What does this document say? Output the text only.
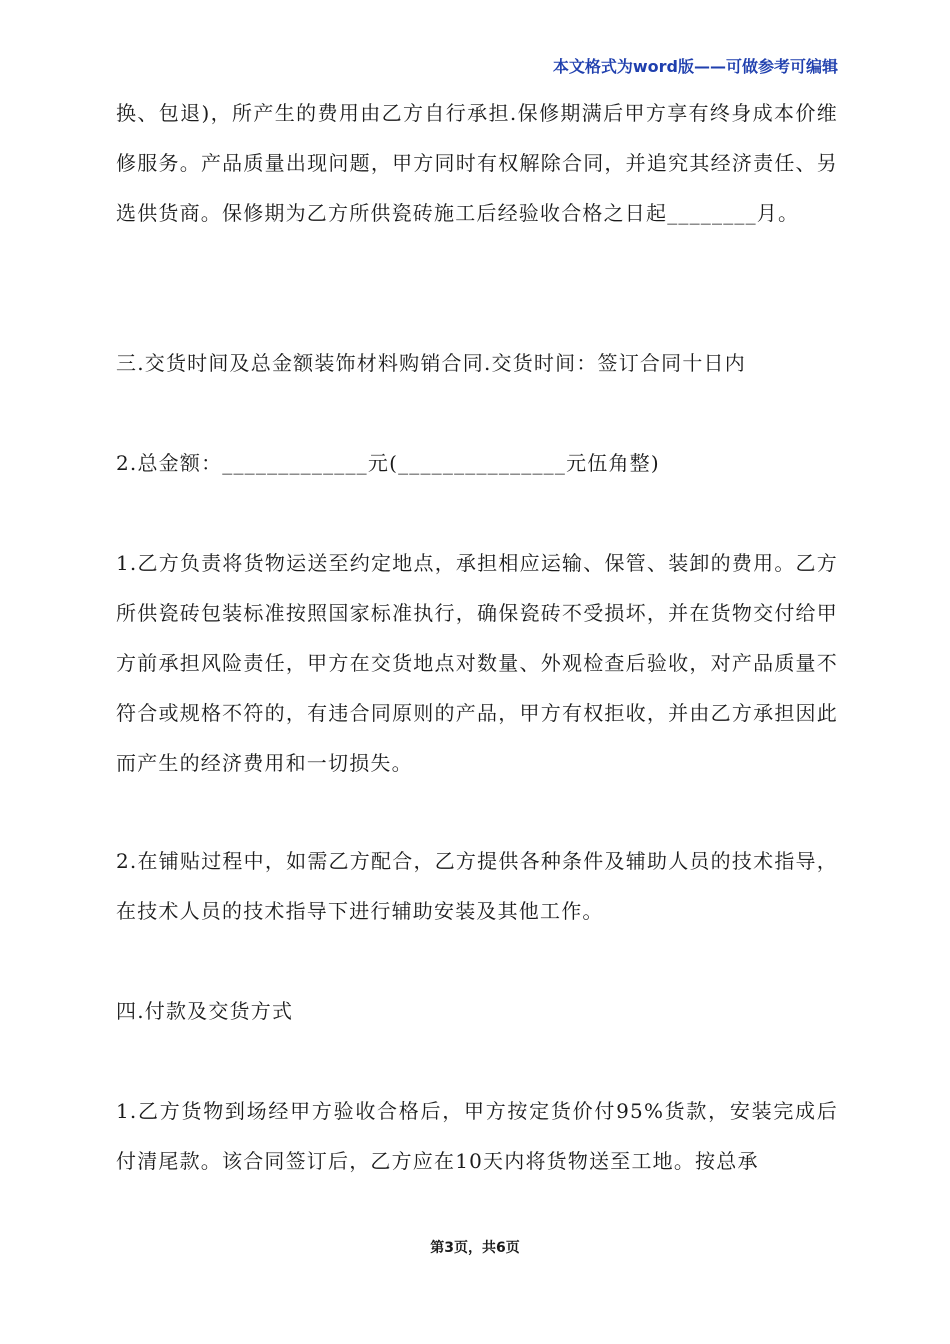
本文格式为word版——可做参考可编辑

换、包退)，所产生的费用由乙方自行承担.保修期满后甲方享有终身成本价维修服务。产品质量出现问题，甲方同时有权解除合同，并追究其经济责任、另选供货商。保修期为乙方所供瓷砖施工后经验收合格之日起________月。

三.交货时间及总金额装饰材料购销合同.交货时间：签订合同十日内

2.总金额：_____________元(_______________元伍角整)

1.乙方负责将货物运送至约定地点，承担相应运输、保管、装卸的费用。乙方所供瓷砖包装标准按照国家标准执行，确保瓷砖不受损坏，并在货物交付给甲方前承担风险责任，甲方在交货地点对数量、外观检查后验收，对产品质量不符合或规格不符的，有违合同原则的产品，甲方有权拒收，并由乙方承担因此而产生的经济费用和一切损失。

2.在铺贴过程中，如需乙方配合，乙方提供各种条件及辅助人员的技术指导，在技术人员的技术指导下进行辅助安装及其他工作。

四.付款及交货方式

1.乙方货物到场经甲方验收合格后，甲方按定货价付95%货款，安装完成后付清尾款。该合同签订后，乙方应在10天内将货物送至工地。按总承

第3页，共6页
